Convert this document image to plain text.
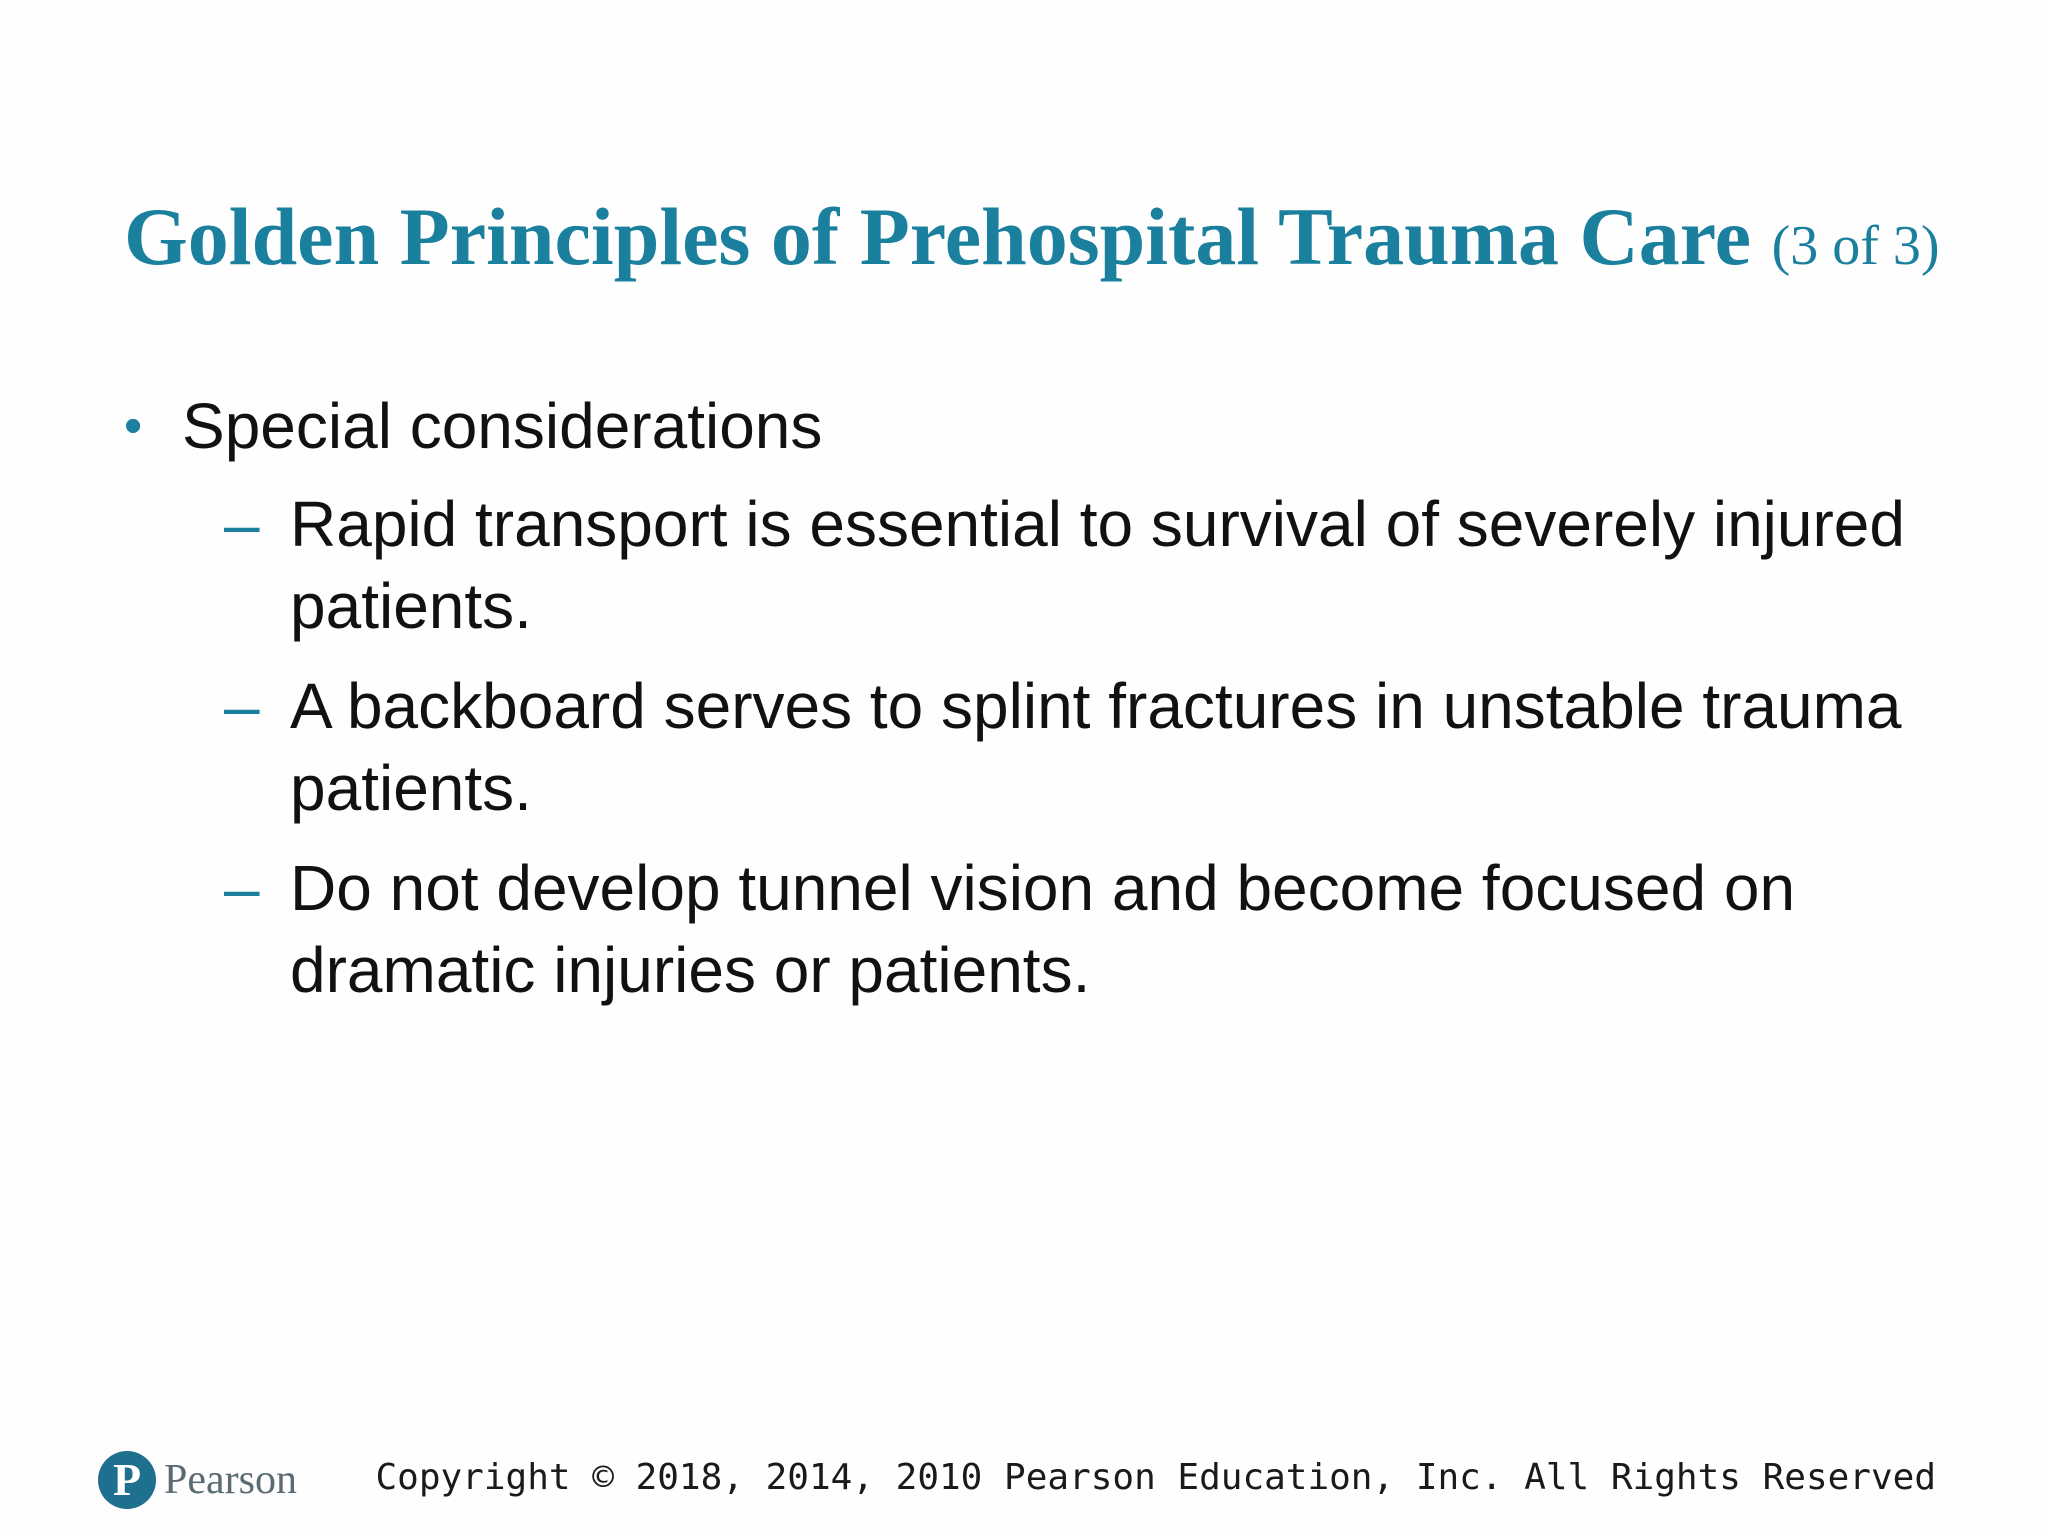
Golden Principles of Prehospital Trauma Care (3 of 3)
• Special considerations
– Rapid transport is essential to survival of severely injured patients.
– A backboard serves to splint fractures in unstable trauma patients.
– Do not develop tunnel vision and become focused on dramatic injuries or patients.
P Pearson Copyright © 2018, 2014, 2010 Pearson Education, Inc. All Rights Reserved
